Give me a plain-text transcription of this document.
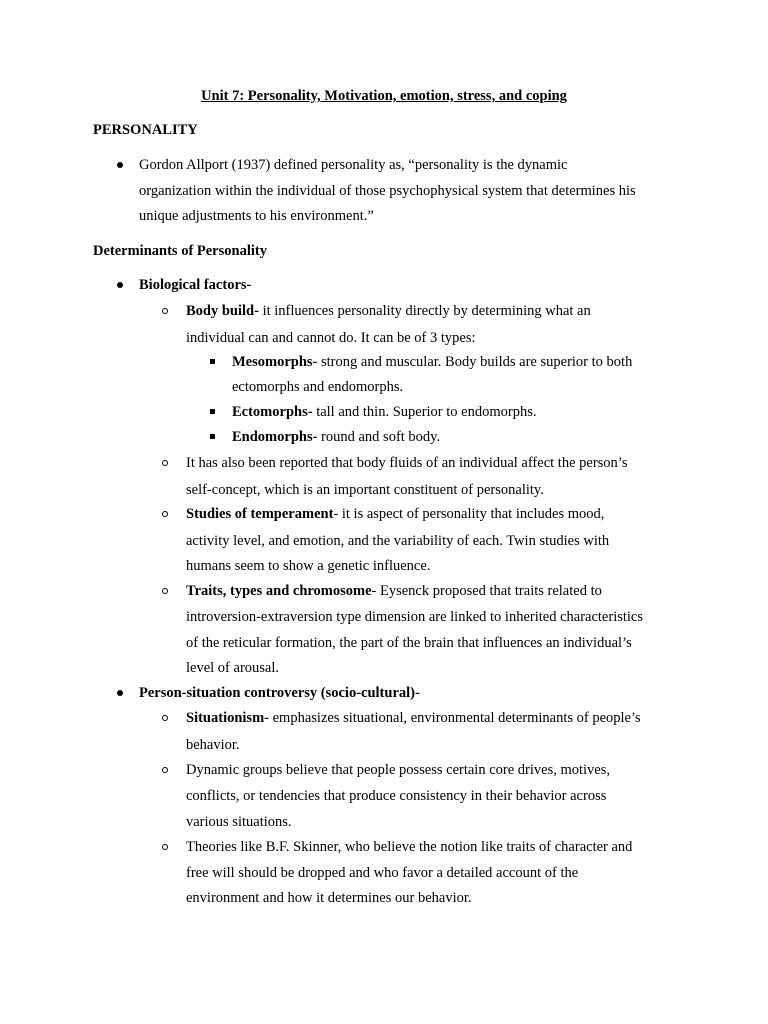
Unit 7: Personality, Motivation, emotion, stress, and coping
PERSONALITY
Gordon Allport (1937) defined personality as, “personality is the dynamic
organization within the individual of those psychophysical system that determines his
unique adjustments to his environment.”
Determinants of Personality
Biological factors-
Body build- it influences personality directly by determining what an
individual can and cannot do. It can be of 3 types:
Mesomorphs- strong and muscular. Body builds are superior to both
ectomorphs and endomorphs.
Ectomorphs- tall and thin. Superior to endomorphs.
Endomorphs- round and soft body.
It has also been reported that body fluids of an individual affect the person’s
self-concept, which is an important constituent of personality.
Studies of temperament- it is aspect of personality that includes mood,
activity level, and emotion, and the variability of each. Twin studies with
humans seem to show a genetic influence.
Traits, types and chromosome- Eysenck proposed that traits related to
introversion-extraversion type dimension are linked to inherited characteristics
of the reticular formation, the part of the brain that influences an individual’s
level of arousal.
Person-situation controversy (socio-cultural)-
Situationism- emphasizes situational, environmental determinants of people’s
behavior.
Dynamic groups believe that people possess certain core drives, motives,
conflicts, or tendencies that produce consistency in their behavior across
various situations.
Theories like B.F. Skinner, who believe the notion like traits of character and
free will should be dropped and who favor a detailed account of the
environment and how it determines our behavior.
